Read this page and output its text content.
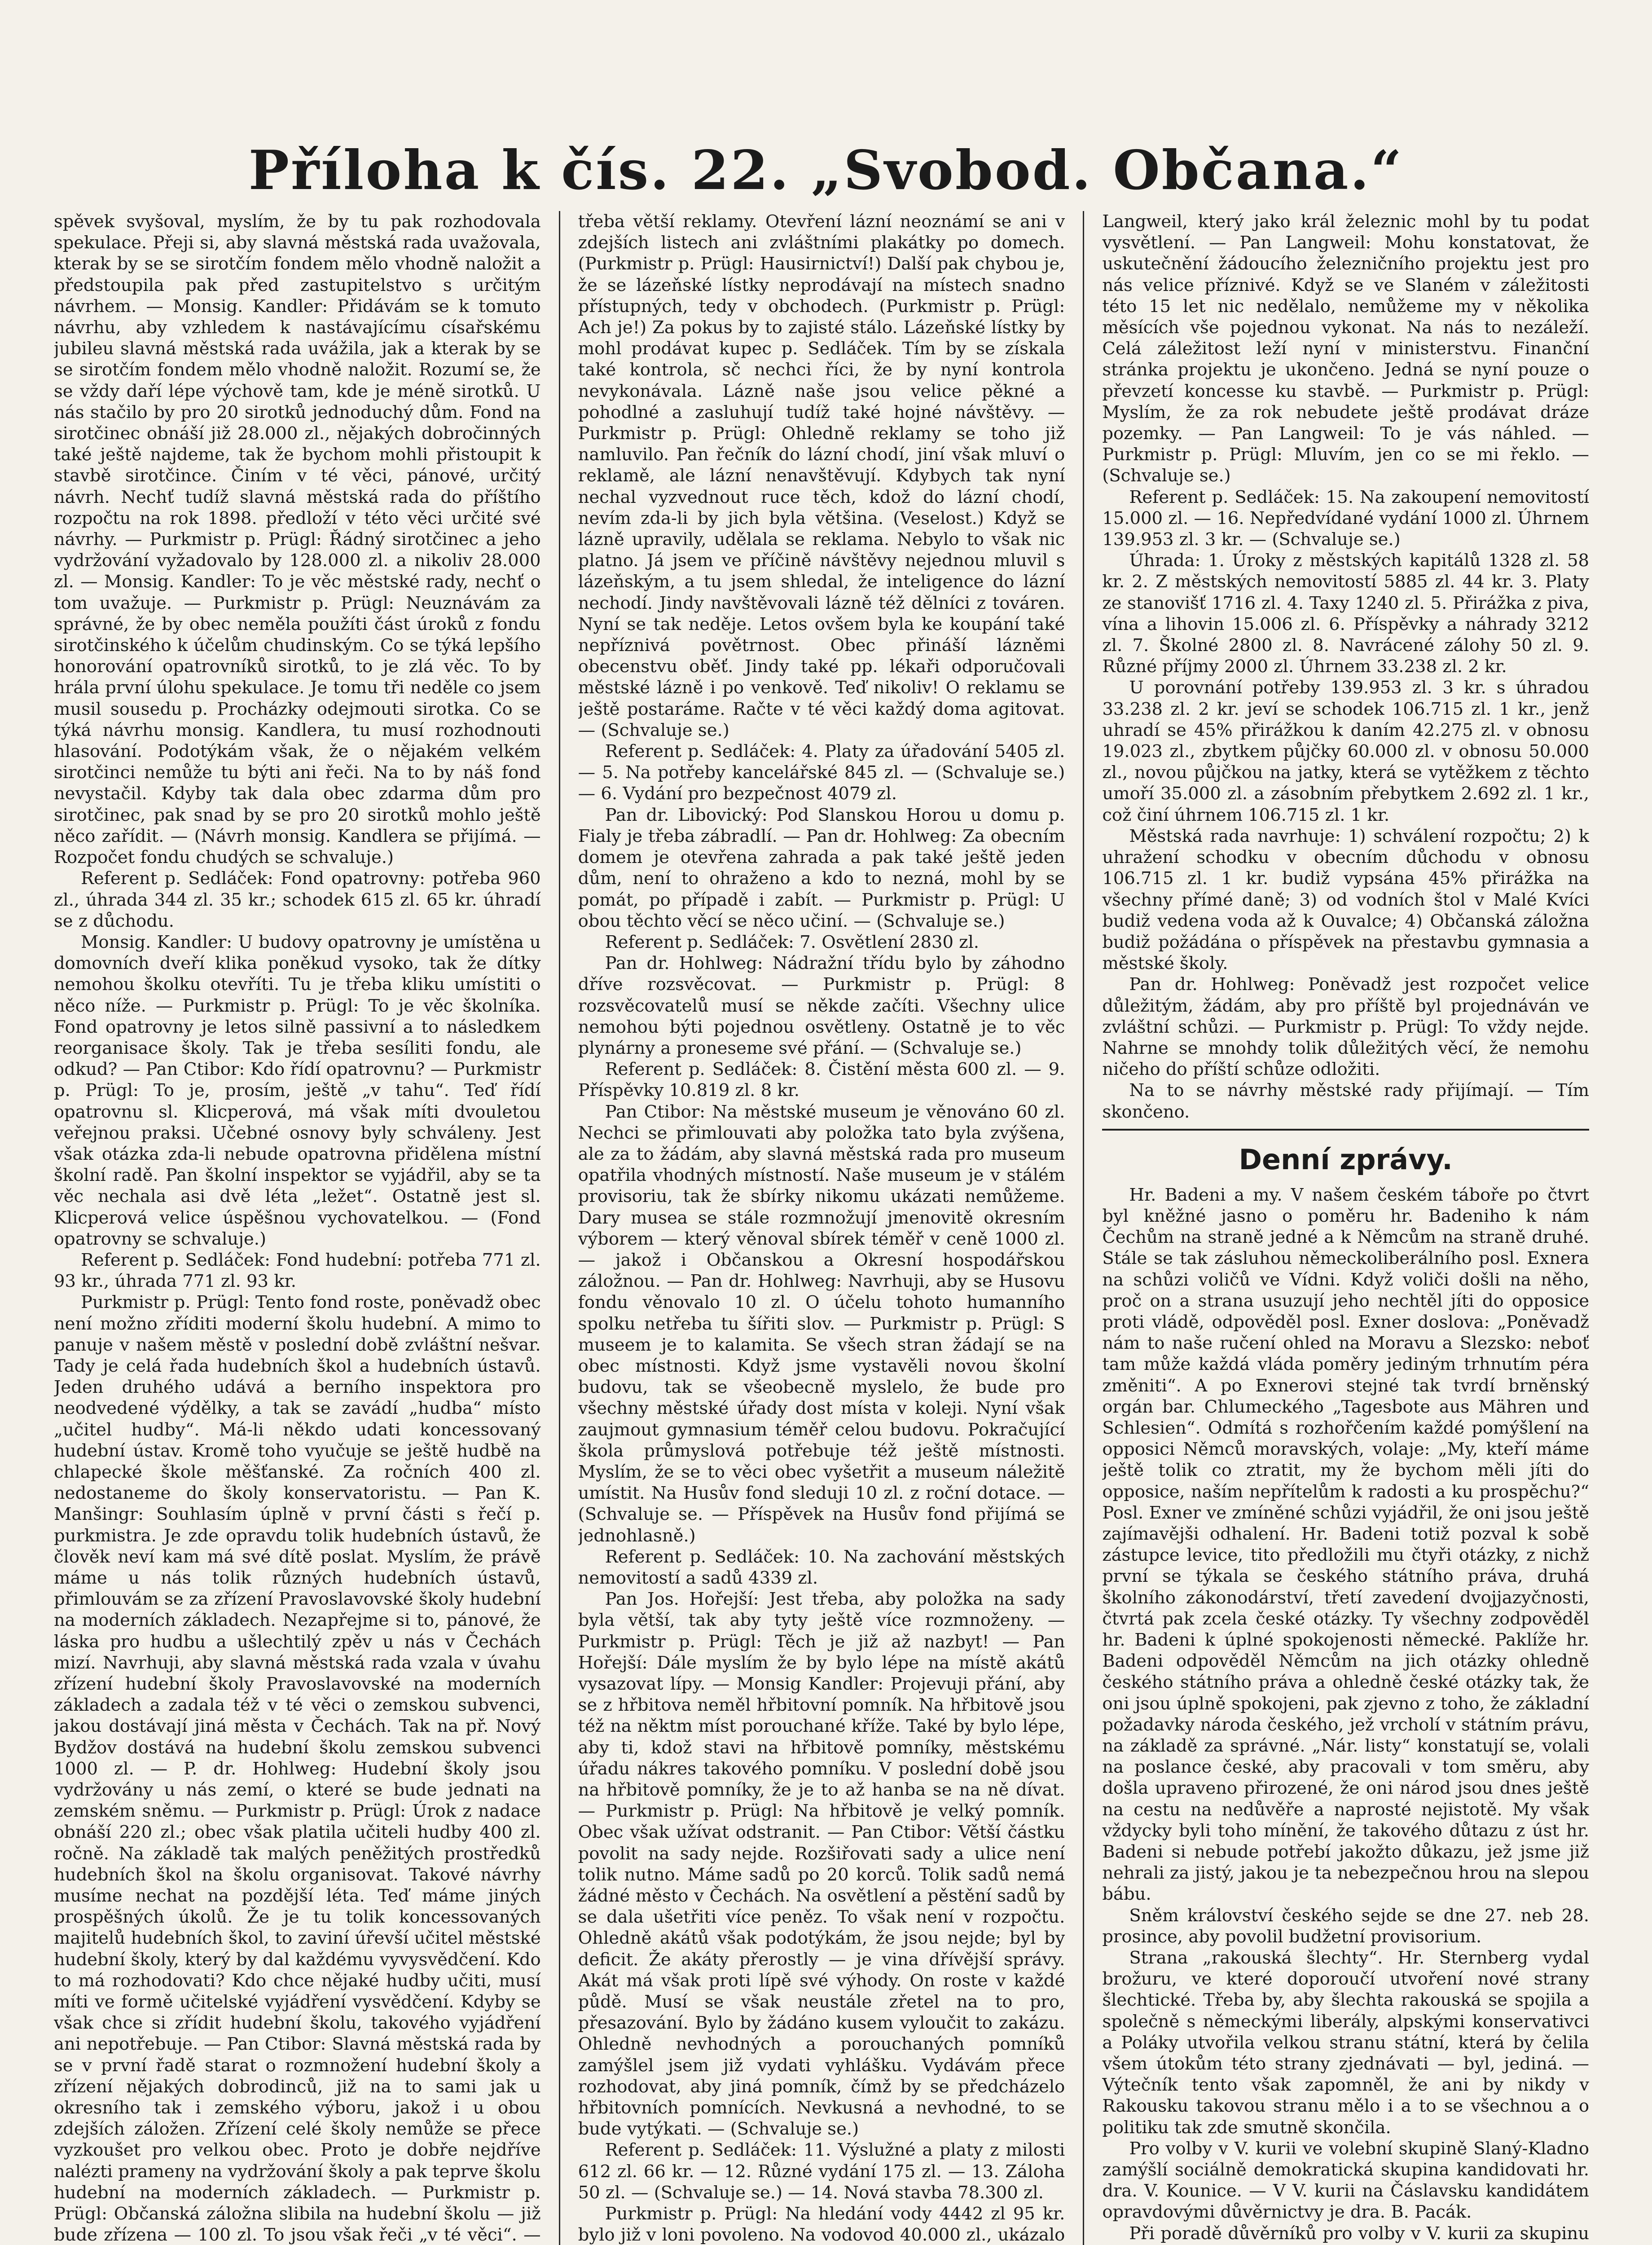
Příloha k čís. 22. „Svobod. Občana.“

spěvek svyšoval, myslím, že by tu pak rozhodovala spekulace. Přeji si, aby slavná městská rada uvažovala, kterak by se se sirotčím fondem mělo vhodně naložit a předstoupila pak před zastupitelstvo s určitým návrhem. — Monsig. Kandler: Přidávám se k tomuto návrhu, aby vzhledem k nastávajícímu císařskému jubileu slavná městská rada uvážila, jak a kterak by se se sirotčím fondem mělo vhodně naložit. Rozumí se, že se vždy daří lépe výchově tam, kde je méně sirotků. U nás stačilo by pro 20 sirotků jednoduchý dům. Fond na sirotčinec obnáší již 28.000 zl., nějakých dobročinných také ještě najdeme, tak že bychom mohli přistoupit k stavbě sirotčince. Činím v té věci, pánové, určitý návrh. Nechť tudíž slavná městská rada do příštího rozpočtu na rok 1898. předloží v této věci určité své návrhy. — Purkmistr p. Prügl: Řádný sirotčinec a jeho vydržování vyžadovalo by 128.000 zl. a nikoliv 28.000 zl. — Monsig. Kandler: To je věc městské rady, nechť o tom uvažuje. — Purkmistr p. Prügl: Neuznávám za správné, že by obec neměla použíti část úroků z fondu sirotčinského k účelům chudinským. Co se týká lepšího honorování opatrovníků sirotků, to je zlá věc. To by hrála první úlohu spekulace. Je tomu tři neděle co jsem musil sousedu p. Procházky odejmouti sirotka. Co se týká návrhu monsig. Kandlera, tu musí rozhodnouti hlasování. Podotýkám však, že o nějakém velkém sirotčinci nemůže tu býti ani řeči. Na to by náš fond nevystačil. Kdyby tak dala obec zdarma dům pro sirotčinec, pak snad by se pro 20 sirotků mohlo ještě něco zařídit. — (Návrh monsig. Kandlera se přijímá. — Rozpočet fondu chudých se schvaluje.)

Referent p. Sedláček: Fond opatrovny: potřeba 960 zl., úhrada 344 zl. 35 kr.; schodek 615 zl. 65 kr. úhradí se z důchodu.

Monsig. Kandler: U budovy opatrovny je umístěna u domovních dveří klika poněkud vysoko, tak že dítky nemohou školku otevříti. Tu je třeba kliku umístiti o něco níže. — Purkmistr p. Prügl: To je věc školníka. Fond opatrovny je letos silně passivní a to následkem reorganisace školy. Tak je třeba sesíliti fondu, ale odkud? — Pan Ctibor: Kdo řídí opatrovnu? — Purkmistr p. Prügl: To je, prosím, ještě „v tahu“. Teď řídí opatrovnu sl. Klicperová, má však míti dvouletou veřejnou praksi. Učebné osnovy byly schváleny. Jest však otázka zda-li nebude opatrovna přidělena místní školní radě. Pan školní inspektor se vyjádřil, aby se ta věc nechala asi dvě léta „ležet“. Ostatně jest sl. Klicperová velice úspěšnou vychovatelkou. — (Fond opatrovny se schvaluje.)

Referent p. Sedláček: Fond hudební: potřeba 771 zl. 93 kr., úhrada 771 zl. 93 kr.

Purkmistr p. Prügl: Tento fond roste, poněvadž obec není možno zříditi moderní školu hudební. A mimo to panuje v našem městě v poslední době zvláštní nešvar. Tady je celá řada hudebních škol a hudebních ústavů. Jeden druhého udává a berního inspektora pro neodvedené výdělky, a tak se zavádí „hudba“ místo „učitel hudby“. Má-li někdo udati koncessovaný hudební ústav. Kromě toho vyučuje se ještě hudbě na chlapecké škole měšťanské. Za ročních 400 zl. nedostaneme do školy konservatoristu. — Pan K. Manšingr: Souhlasím úplně v první části s řečí p. purkmistra. Je zde opravdu tolik hudebních ústavů, že člověk neví kam má své dítě poslat. Myslím, že právě máme u nás tolik různých hudebních ústavů, přimlouvám se za zřízení Pravoslavovské školy hudební na moderních základech. Nezapřejme si to, pánové, že láska pro hudbu a ušlechtilý zpěv u nás v Čechách mizí. Navrhuji, aby slavná městská rada vzala v úvahu zřízení hudební školy Pravoslavovské na moderních základech a zadala též v té věci o zemskou subvenci, jakou dostávají jiná města v Čechách. Tak na př. Nový Bydžov dostává na hudební školu zemskou subvenci 1000 zl. — P. dr. Hohlweg: Hudební školy jsou vydržovány u nás zemí, o které se bude jednati na zemském sněmu. — Purkmistr p. Prügl: Úrok z nadace obnáší 220 zl.; obec však platila učiteli hudby 400 zl. ročně. Na základě tak malých peněžitých prostředků hudebních škol na školu organisovat. Takové návrhy musíme nechat na pozdější léta. Teď máme jiných prospěšných úkolů. Že je tu tolik koncessovaných majitelů hudebních škol, to zaviní úřevší učitel městské hudební školy, který by dal každému vyvysvědčení. Kdo to má rozhodovati? Kdo chce nějaké hudby učiti, musí míti ve formě učitelské vyjádření vysvědčení. Kdyby se však chce si zřídit hudební školu, takového vyjádření ani nepotřebuje. — Pan Ctibor: Slavná městská rada by se v první řadě starat o rozmnožení hudební školy a zřízení nějakých dobrodinců, již na to sami jak u okresního tak i zemského výboru, jakož i u obou zdejších záložen. Zřízení celé školy nemůže se přece vyzkoušet pro velkou obec. Proto je dobře nejdříve nalézti prameny na vydržování školy a pak teprve školu hudební na moderních základech. — Purkmistr p. Prügl: Občanská záložna slibila na hudební školu — již bude zřízena — 100 zl. To jsou však řeči „v té věci“. —

třeba větší reklamy. Otevření lázní neoznámí se ani v zdejších listech ani zvláštními plakátky po domech. (Purkmistr p. Prügl: Hausirnictví!) Další pak chybou je, že se lázeňské lístky neprodávají na místech snadno přístupných, tedy v obchodech. (Purkmistr p. Prügl: Ach je!) Za pokus by to zajisté stálo. Lázeňské lístky by mohl prodávat kupec p. Sedláček. Tím by se získala také kontrola, sč nechci říci, že by nyní kontrola nevykonávala. Lázně naše jsou velice pěkné a pohodlné a zasluhují tudíž také hojné návštěvy. — Purkmistr p. Prügl: Ohledně reklamy se toho již namluvilo. Pan řečník do lázní chodí, jiní však mluví o reklamě, ale lázní nenavštěvují. Kdybych tak nyní nechal vyzvednout ruce těch, kdož do lázní chodí, nevím zda-li by jich byla většina. (Veselost.) Když se lázně upravily, udělala se reklama. Nebylo to však nic platno. Já jsem ve příčině návštěvy nejednou mluvil s lázeňským, a tu jsem shledal, že inteligence do lázní nechodí. Jindy navštěvovali lázně též dělníci z továren. Nyní se tak neděje. Letos ovšem byla ke koupání také nepříznivá povětrnost. Obec přináší lázněmi obecenstvu oběť. Jindy také pp. lékaři odporučovali městské lázně i po venkově. Teď nikoliv! O reklamu se ještě postaráme. Račte v té věci každý doma agitovat. — (Schvaluje se.)

Referent p. Sedláček: 4. Platy za úřadování 5405 zl. — 5. Na potřeby kancelářské 845 zl. — (Schvaluje se.) — 6. Vydání pro bezpečnost 4079 zl.

Pan dr. Libovický: Pod Slanskou Horou u domu p. Fialy je třeba zábradlí. — Pan dr. Hohlweg: Za obecním domem je otevřena zahrada a pak také ještě jeden dům, není to ohraženo a kdo to nezná, mohl by se pomát, po případě i zabít. — Purkmistr p. Prügl: U obou těchto věcí se něco učiní. — (Schvaluje se.)

Referent p. Sedláček: 7. Osvětlení 2830 zl.

Pan dr. Hohlweg: Nádražní třídu bylo by záhodno dříve rozsvěcovat. — Purkmistr p. Prügl: 8 rozsvěcovatelů musí se někde začíti. Všechny ulice nemohou býti pojednou osvětleny. Ostatně je to věc plynárny a proneseme své přání. — (Schvaluje se.)

Referent p. Sedláček: 8. Čistění města 600 zl. — 9. Příspěvky 10.819 zl. 8 kr.

Pan Ctibor: Na městské museum je věnováno 60 zl. Nechci se přimlouvati aby položka tato byla zvýšena, ale za to žádám, aby slavná městská rada pro museum opatřila vhodných místností. Naše museum je v stálém provisoriu, tak že sbírky nikomu ukázati nemůžeme. Dary musea se stále rozmnožují jmenovitě okresním výborem — který věnoval sbírek téměř v ceně 1000 zl. — jakož i Občanskou a Okresní hospodářskou záložnou. — Pan dr. Hohlweg: Navrhuji, aby se Husovu fondu věnovalo 10 zl. O účelu tohoto humanního spolku netřeba tu šířiti slov. — Purkmistr p. Prügl: S museem je to kalamita. Se všech stran žádají se na obec místnosti. Když jsme vystavěli novou školní budovu, tak se všeobecně myslelo, že bude pro všechny městské úřady dost místa v koleji. Nyní však zaujmout gymnasium téměř celou budovu. Pokračující škola průmyslová potřebuje též ještě místnosti. Myslím, že se to věci obec vyšetřit a museum náležitě umístit. Na Husův fond sleduji 10 zl. z roční dotace. — (Schvaluje se. — Příspěvek na Husův fond přijímá se jednohlasně.)

Referent p. Sedláček: 10. Na zachování městských nemovitostí a sadů 4339 zl.

Pan Jos. Hořejší: Jest třeba, aby položka na sady byla větší, tak aby tyty ještě více rozmnoženy. — Purkmistr p. Prügl: Těch je již až nazbyt! — Pan Hořejší: Dále myslím že by bylo lépe na místě akátů vysazovat lípy. — Monsig Kandler: Projevuji přání, aby se z hřbitova neměl hřbitovní pomník. Na hřbitově jsou též na něktm míst porouchané kříže. Také by bylo lépe, aby ti, kdož stavi na hřbitově pomníky, městskému úřadu nákres takového pomníku. V poslední době jsou na hřbitově pomníky, že je to až hanba se na ně dívat. — Purkmistr p. Prügl: Na hřbitově je velký pomník. Obec však užívat odstranit. — Pan Ctibor: Větší částku povolit na sady nejde. Rozšiřovati sady a ulice není tolik nutno. Máme sadů po 20 korců. Tolik sadů nemá žádné město v Čechách. Na osvětlení a pěstění sadů by se dala ušetřiti více peněz. To však není v rozpočtu. Ohledně akátů však podotýkám, že jsou nejde; byl by deficit. Že akáty přerostly — je vina dřívější správy. Akát má však proti lípě své výhody. On roste v každé půdě. Musí se však neustále zřetel na to pro, přesazování. Bylo by žádáno kusem vyloučit to zakázu. Ohledně nevhodných a porouchaných pomníků zamýšlel jsem již vydati vyhlášku. Vydávám přece rozhodovat, aby jiná pomník, čímž by se předcházelo hřbitovních pomnících. Nevkusná a nevhodné, to se bude vytýkati. — (Schvaluje se.)

Referent p. Sedláček: 11. Výslužné a platy z milosti 612 zl. 66 kr. — 12. Různé vydání 175 zl. — 13. Záloha 50 zl. — (Schvaluje se.) — 14. Nová stavba 78.300 zl.

Purkmistr p. Prügl: Na hledání vody 4442 zl 95 kr. bylo již v loni povoleno. Na vodovod 40.000 zl., ukázalo

Langweil, který jako král železnic mohl by tu podat vysvětlení. — Pan Langweil: Mohu konstatovat, že uskutečnění žádoucího železničního projektu jest pro nás velice příznivé. Když se ve Slaném v záležitosti této 15 let nic nedělalo, nemůžeme my v několika měsících vše pojednou vykonat. Na nás to nezáleží. Celá záležitost leží nyní v ministerstvu. Finanční stránka projektu je ukončeno. Jedná se nyní pouze o převzetí koncesse ku stavbě. — Purkmistr p. Prügl: Myslím, že za rok nebudete ještě prodávat dráze pozemky. — Pan Langweil: To je vás náhled. — Purkmistr p. Prügl: Mluvím, jen co se mi řeklo. — (Schvaluje se.)

Referent p. Sedláček: 15. Na zakoupení nemovitostí 15.000 zl. — 16. Nepředvídané vydání 1000 zl. Úhrnem 139.953 zl. 3 kr. — (Schvaluje se.)

Úhrada: 1. Úroky z městských kapitálů 1328 zl. 58 kr. 2. Z městských nemovitostí 5885 zl. 44 kr. 3. Platy ze stanovišť 1716 zl. 4. Taxy 1240 zl. 5. Přirážka z piva, vína a lihovin 15.006 zl. 6. Příspěvky a náhrady 3212 zl. 7. Školné 2800 zl. 8. Navrácené zálohy 50 zl. 9. Různé příjmy 2000 zl. Úhrnem 33.238 zl. 2 kr.

U porovnání potřeby 139.953 zl. 3 kr. s úhradou 33.238 zl. 2 kr. jeví se schodek 106.715 zl. 1 kr., jenž uhradí se 45% přirážkou k daním 42.275 zl. v obnosu 19.023 zl., zbytkem půjčky 60.000 zl. v obnosu 50.000 zl., novou půjčkou na jatky, která se vytěžkem z těchto umoří 35.000 zl. a zásobním přebytkem 2.692 zl. 1 kr., což činí úhrnem 106.715 zl. 1 kr.

Městská rada navrhuje: 1) schválení rozpočtu; 2) k uhražení schodku v obecním důchodu v obnosu 106.715 zl. 1 kr. budiž vypsána 45% přirážka na všechny přímé daně; 3) od vodních štol v Malé Kvíci budiž vedena voda až k Ouvalce; 4) Občanská záložna budiž požádána o příspěvek na přestavbu gymnasia a městské školy.

Pan dr. Hohlweg: Poněvadž jest rozpočet velice důležitým, žádám, aby pro příště byl projednáván ve zvláštní schůzi. — Purkmistr p. Prügl: To vždy nejde. Nahrne se mnohdy tolik důležitých věcí, že nemohu ničeho do příští schůze odložiti.

Na to se návrhy městské rady přijímají. — Tím skončeno.

Denní zprávy.

Hr. Badeni a my. V našem českém táboře po čtvrt byl kněžné jasno o poměru hr. Badeniho k nám Čechům na straně jedné a k Němcům na straně druhé. Stále se tak zásluhou německoliberálního posl. Exnera na schůzi voličů ve Vídni. Když voliči došli na něho, proč on a strana usuzují jeho nechtěl jíti do opposice proti vládě, odpověděl posl. Exner doslova: „Poněvadž nám to naše ručení ohled na Moravu a Slezsko: neboť tam může každá vláda poměry jediným trhnutím péra změniti“. A po Exnerovi stejné tak tvrdí brněnský orgán bar. Chlumeckého „Tagesbote aus Mähren und Schlesien“. Odmítá s rozhořčením každé pomýšlení na opposici Němců moravských, volaje: „My, kteří máme ještě tolik co ztratit, my že bychom měli jíti do opposice, naším nepřítelům k radosti a ku prospěchu?“ Posl. Exner ve zmíněné schůzi vyjádřil, že oni jsou ještě zajímavějši odhalení. Hr. Badeni totiž pozval k sobě zástupce levice, tito předložili mu čtyři otázky, z nichž první se týkala se českého státního práva, druhá školního zákonodárství, třetí zavedení dvojjazyčnosti, čtvrtá pak zcela české otázky. Ty všechny zodpověděl hr. Badeni k úplné spokojenosti německé. Paklíže hr. Badeni odpověděl Němcům na jich otázky ohledně českého státního práva a ohledně české otázky tak, že oni jsou úplně spokojeni, pak zjevno z toho, že základní požadavky národa českého, jež vrcholí v státním právu, na základě za správné. „Nár. listy“ konstatují se, volali na poslance české, aby pracovali v tom směru, aby došla upraveno přirozené, že oni národ jsou dnes ještě na cestu na nedůvěře a naprosté nejistotě. My však vždycky byli toho mínění, že takového důtazu z úst hr. Badeni si nebude potřebí jakožto důkazu, jež jsme již nehrali za jistý, jakou je ta nebezpečnou hrou na slepou bábu.

Sněm království českého sejde se dne 27. neb 28. prosince, aby povolil budžetní provisorium.

Strana „rakouská šlechty“. Hr. Sternberg vydal brožuru, ve které doporoučí utvoření nové strany šlechtické. Třeba by, aby šlechta rakouská se spojila a společně s německými liberály, alpskými konservativci a Poláky utvořila velkou stranu státní, která by čelila všem útokům této strany zjednávati — byl, jediná. — Výtečník tento však zapomněl, že ani by nikdy v Rakousku takovou stranu mělo i a to se všechnou a o politiku tak zde smutně skončila.

Pro volby v V. kurii ve volební skupině Slaný-Kladno zamýšlí sociálně demokratická skupina kandidovati hr. dra. V. Kounice. — V V. kurii na Čáslavsku kandidátem opravdovými důvěrnictvy je dra. B. Pacák.

Při poradě důvěrníků pro volby v V. kurii za skupinu
